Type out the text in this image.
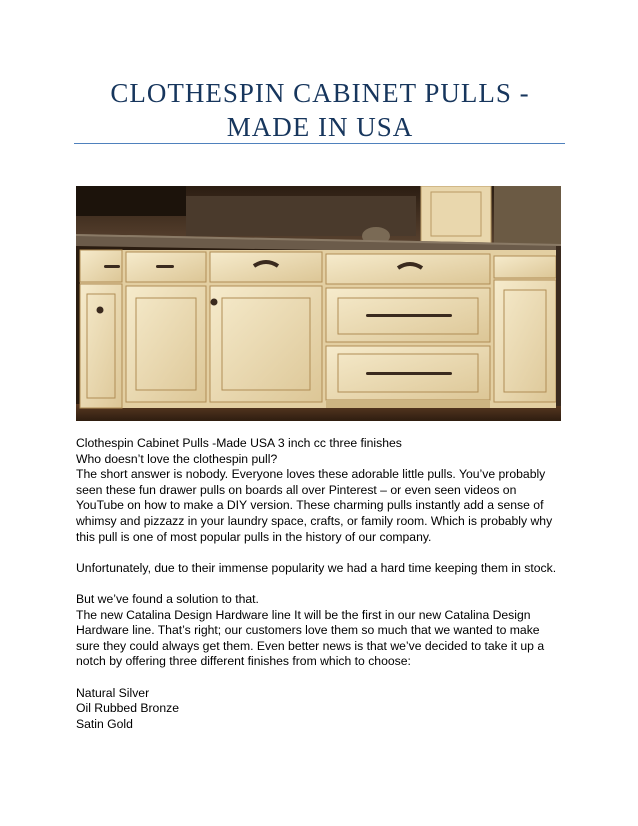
CLOTHESPIN CABINET PULLS -MADE IN USA

Clothespin Cabinet Pulls -Made USA 3 inch cc three finishes

Who doesn’t love the clothespin pull?

The short answer is nobody. Everyone loves these adorable little pulls. You’ve probably seen these fun drawer pulls on boards all over Pinterest – or even seen videos on YouTube on how to make a DIY version. These charming pulls instantly add a sense of whimsy and pizzazz in your laundry space, crafts, or family room. Which is probably why this pull is one of most popular pulls in the history of our company.

Unfortunately, due to their immense popularity we had a hard time keeping them in stock.

But we’ve found a solution to that.

The new Catalina Design Hardware line It will be the first in our new Catalina Design Hardware line. That’s right; our customers love them so much that we wanted to make sure they could always get them. Even better news is that we’ve decided to take it up a notch by offering three different finishes from which to choose:

Natural Silver

Oil Rubbed Bronze

Satin Gold
